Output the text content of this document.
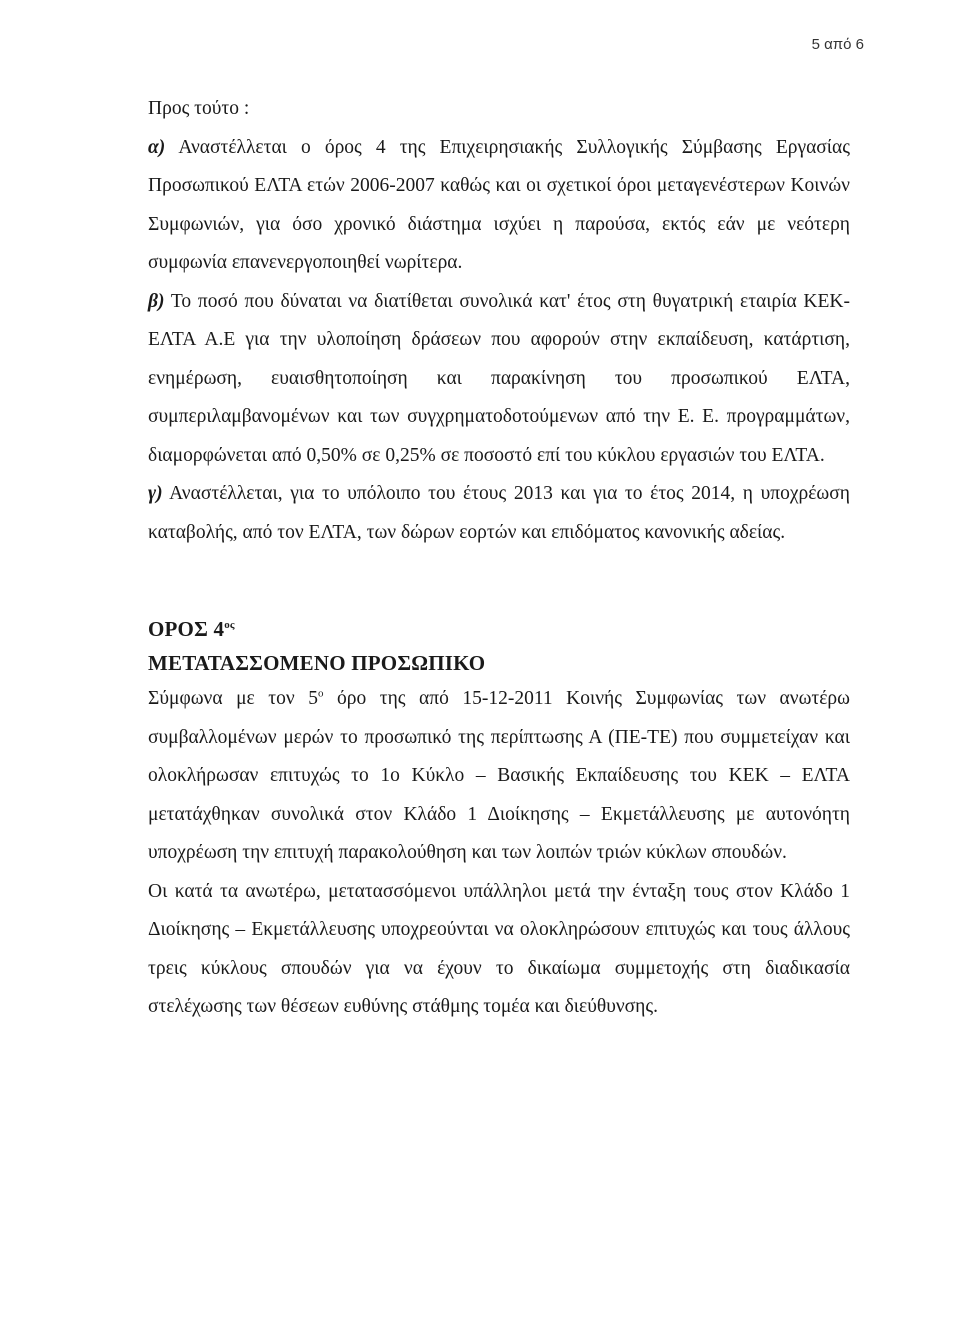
5 από 6

Προς τούτο :

α) Αναστέλλεται ο όρος 4 της Επιχειρησιακής Συλλογικής Σύμβασης Εργασίας Προσωπικού ΕΛΤΑ ετών 2006-2007 καθώς και οι σχετικοί όροι μεταγενέστερων Κοινών Συμφωνιών, για όσο χρονικό διάστημα ισχύει η παρούσα, εκτός εάν με νεότερη συμφωνία επανενεργοποιηθεί νωρίτερα.

β) Το ποσό που δύναται να διατίθεται συνολικά κατ' έτος στη θυγατρική εταιρία ΚΕΚ-ΕΛΤΑ Α.Ε για την υλοποίηση δράσεων που αφορούν στην εκπαίδευση, κατάρτιση, ενημέρωση, ευαισθητοποίηση και παρακίνηση του προσωπικού ΕΛΤΑ, συμπεριλαμβανομένων και των συγχρηματοδοτούμενων από την Ε. Ε. προγραμμάτων, διαμορφώνεται από 0,50% σε 0,25% σε ποσοστό επί του κύκλου εργασιών του ΕΛΤΑ.

γ) Αναστέλλεται, για το υπόλοιπο του έτους 2013 και για το έτος 2014, η υποχρέωση καταβολής, από τον ΕΛΤΑ, των δώρων εορτών και επιδόματος κανονικής αδείας.

ΟΡΟΣ $4^{o\varsigma}$
ΜΕΤΑΤΑΣΣΟΜΕΝΟ ΠΡΟΣΩΠΙΚΟ

Σύμφωνα με τον $5^o$ όρο της από 15-12-2011 Κοινής Συμφωνίας των ανωτέρω συμβαλλομένων μερών το προσωπικό της περίπτωσης Α (ΠΕ-ΤΕ) που συμμετείχαν και ολοκλήρωσαν επιτυχώς το 1ο Κύκλο – Βασικής Εκπαίδευσης του ΚΕΚ – ΕΛΤΑ μετατάχθηκαν συνολικά στον Κλάδο 1 Διοίκησης – Εκμετάλλευσης με αυτονόητη υποχρέωση την επιτυχή παρακολούθηση και των λοιπών τριών κύκλων σπουδών.

Οι κατά τα ανωτέρω, μετατασσόμενοι υπάλληλοι μετά την ένταξη τους στον Κλάδο 1 Διοίκησης – Εκμετάλλευσης υποχρεούνται να ολοκληρώσουν επιτυχώς και τους άλλους τρεις κύκλους σπουδών για να έχουν το δικαίωμα συμμετοχής στη διαδικασία στελέχωσης των θέσεων ευθύνης στάθμης τομέα και διεύθυνσης.
